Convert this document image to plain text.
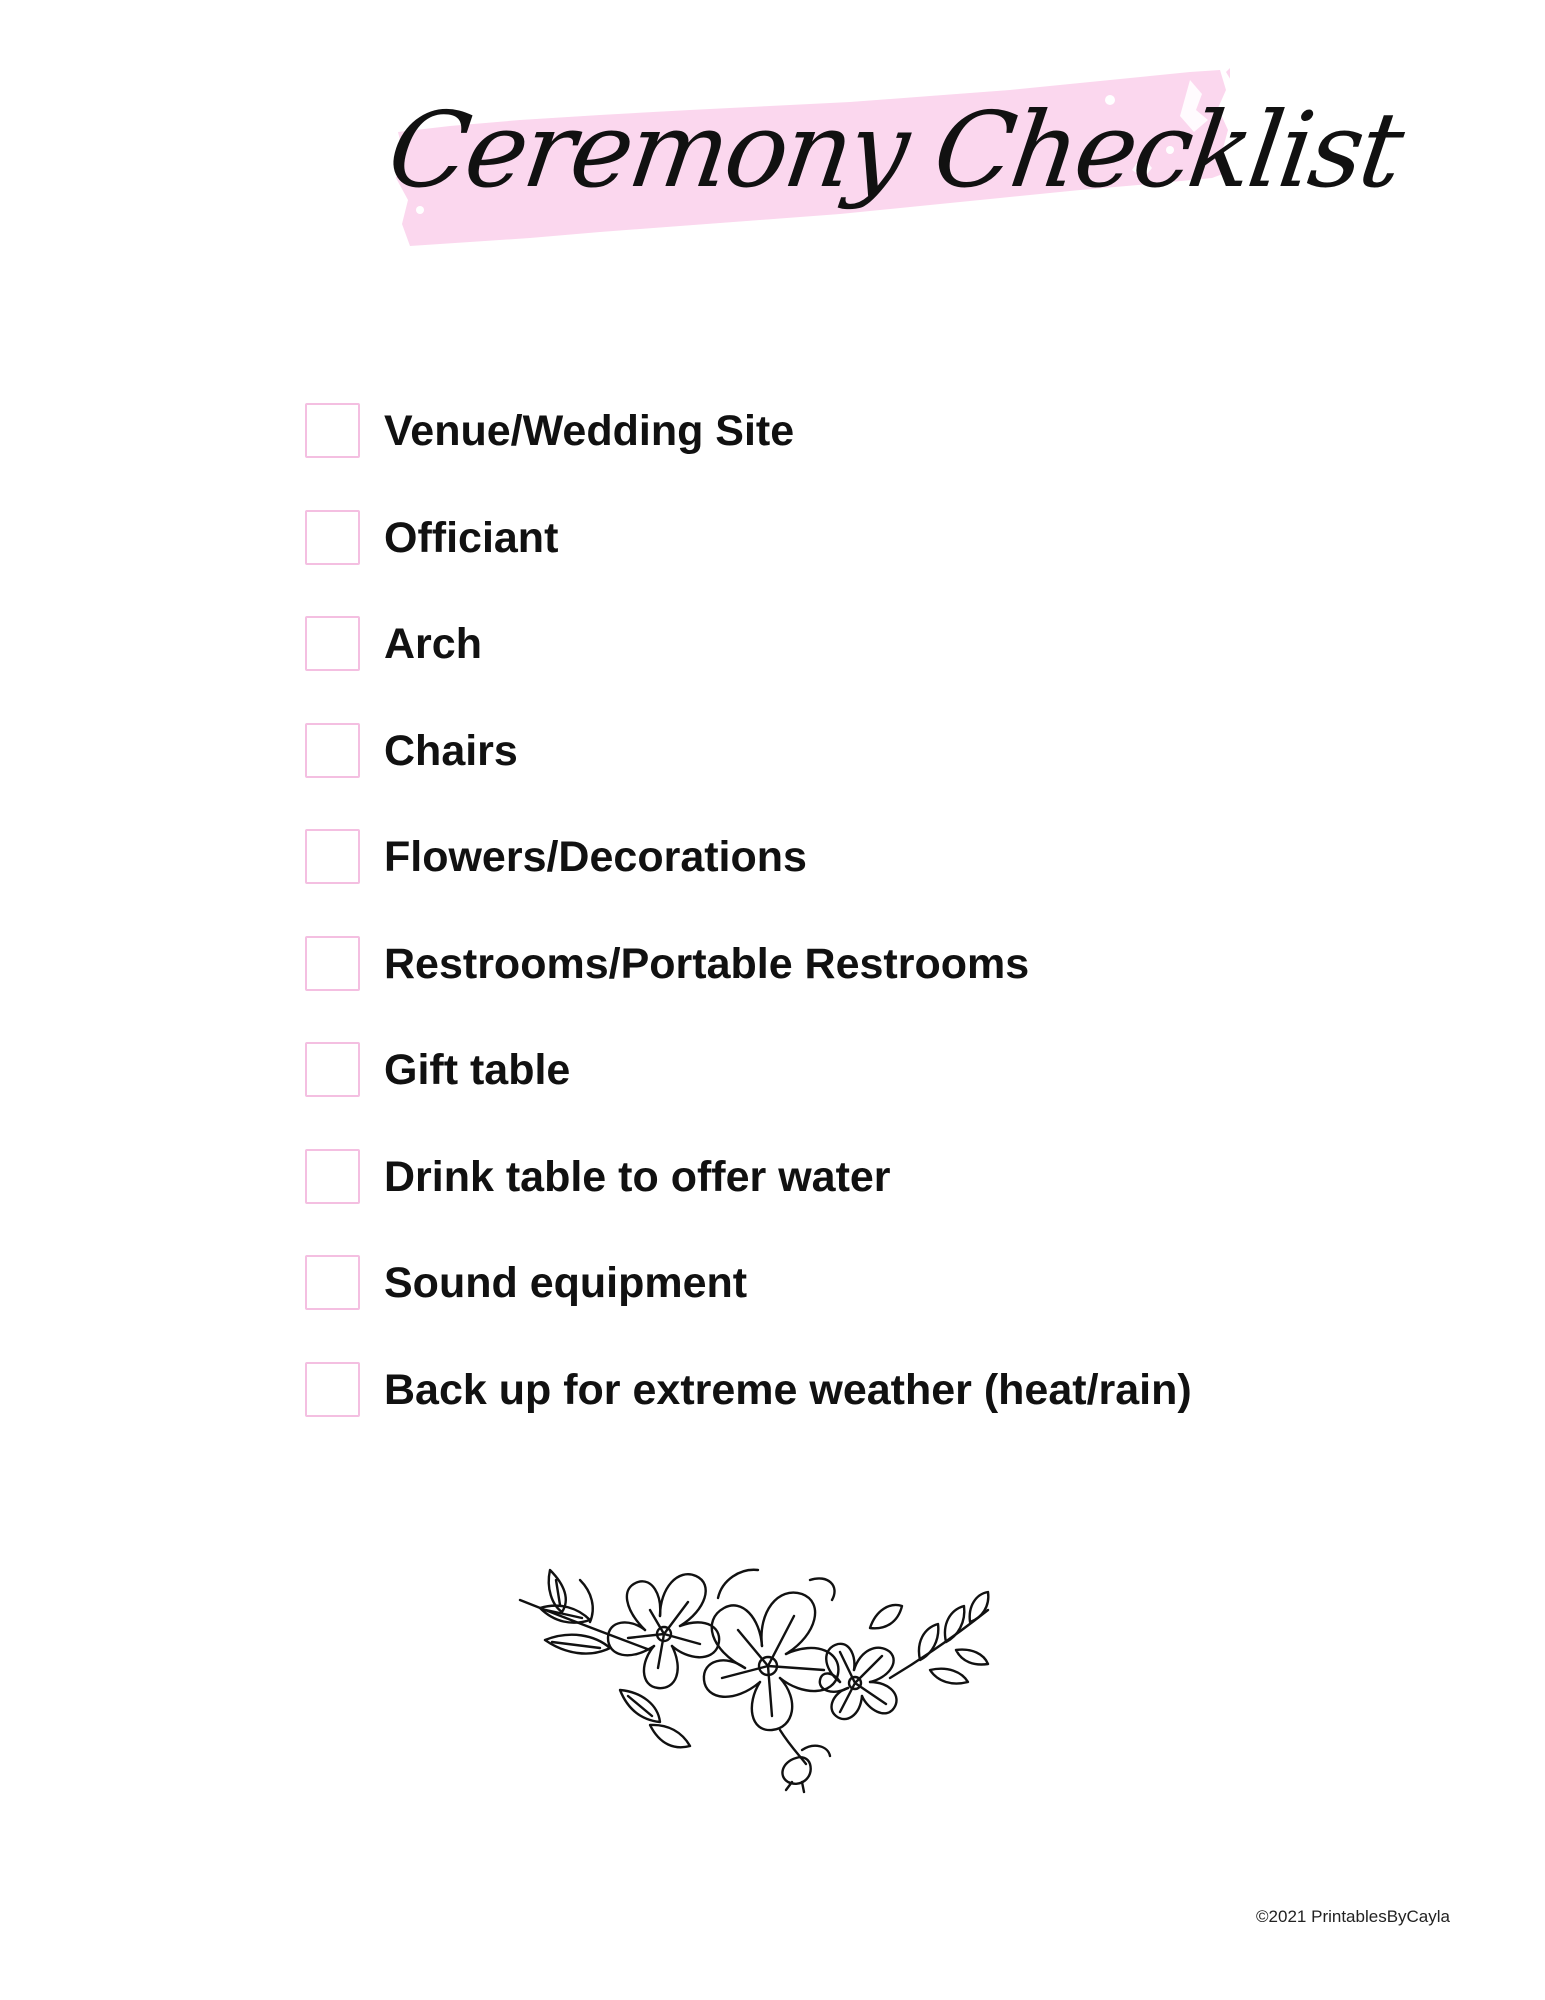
Ceremony Checklist
Venue/Wedding Site
Officiant
Arch
Chairs
Flowers/Decorations
Restrooms/Portable Restrooms
Gift table
Drink table to offer water
Sound equipment
Back up for extreme weather (heat/rain)
©2021 PrintablesByCayla
